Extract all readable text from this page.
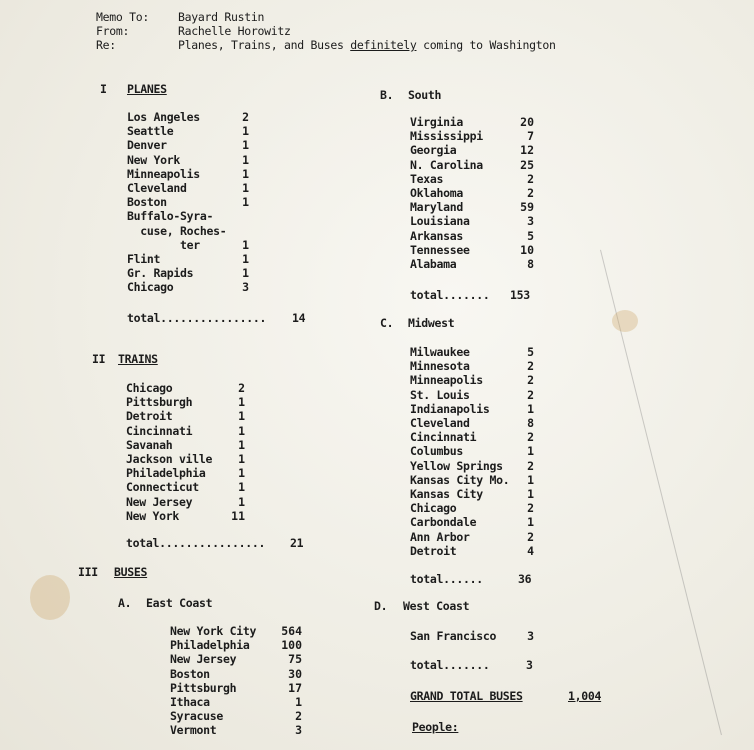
Memo To:	Bayard Rustin
From:	Rachelle Horowitz
Re:	Planes, Trains, and Buses definitely coming to Washington
I PLANES
Los Angeles	2
Seattle	1
Denver	1
New York	1
Minneapolis	1
Cleveland	1
Boston	1
Buffalo-Syra-
cuse, Roches-
ter	1
Flint	1
Gr. Rapids	1
Chicago	3
total................ 14
II TRAINS
Chicago	2
Pittsburgh	1
Detroit	1
Cincinnati	1
Savanah	1
Jackson ville	1
Philadelphia	1
Connecticut	1
New Jersey	1
New York	11
total................ 21
III BUSES
A. East Coast
New York City	564
Philadelphia	100
New Jersey	75
Boston	30
Pittsburgh	17
Ithaca	1
Syracuse	2
Vermont	3
B. South
Virginia	20
Mississippi	7
Georgia	12
N. Carolina	25
Texas	2
Oklahoma	2
Maryland	59
Louisiana	3
Arkansas	5
Tennessee	10
Alabama	8
total....... 153
C. Midwest
Milwaukee	5
Minnesota	2
Minneapolis	2
St. Louis	2
Indianapolis	1
Cleveland	8
Cincinnati	2
Columbus	1
Yellow Springs	2
Kansas City Mo.	1
Kansas City	1
Chicago	2
Carbondale	1
Ann Arbor	2
Detroit	4
total......	36
D. West Coast
San Francisco	3
total.......	3
GRAND TOTAL BUSES	1,004
People:
